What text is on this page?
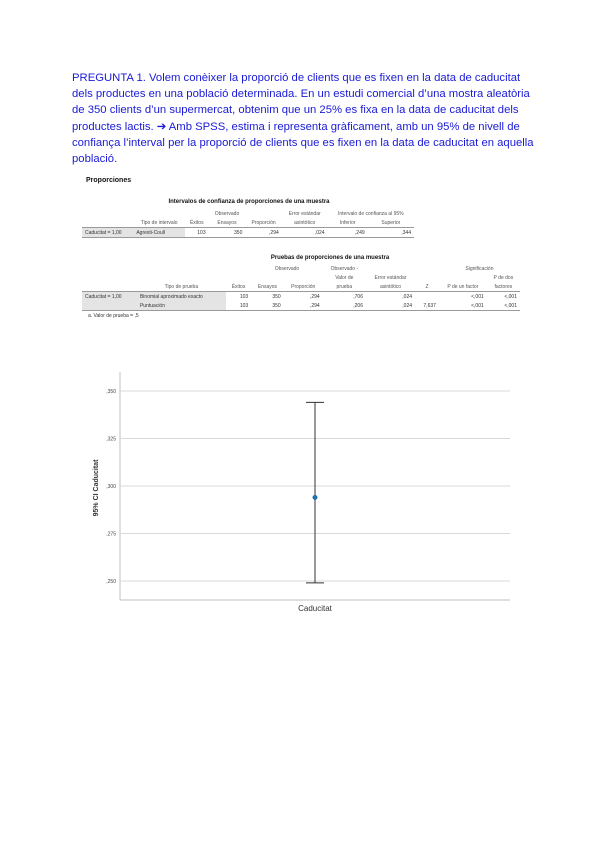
PREGUNTA 1. Volem conèixer la proporció de clients que es fixen en la data de caducitat dels productes en una població determinada. En un estudi comercial d’una mostra aleatòria de 350 clients d’un supermercat, obtenim que un 25% es fixa en la data de caducitat dels productes lactis. ➔ Amb SPSS, estima i representa gràficament, amb un 95% de nivell de confiança l’interval per la proporció de clients que es fixen en la data de caducitat en aquella població.
Proporciones
Intervalos de confianza de proporciones de una muestra
			Observado		Error estándar	Intervalo de confianza al 95%	
	Tipo de intervalo	Éxitos	Ensayos	Proporción	asintótico	Inferior	Superior
Caducitat = 1,00	Agresti-Coull	103	350	,294	,024	,249	,344
Pruebas de proporciones de una muestra
			Observado		Observado -			Significación	
					Valor de	Error estándar			P de dos
	Tipo de prueba	Éxitos	Ensayos	Proporción	prueba	asintótico	Z	P de un factor	factores
Caducitat = 1,00	Binomial aproximado exacto	103	350	,294	,706	,024		<,001	<,001
	Puntuación	103	350	,294	,206	,024	7,637	<,001	<,001
a. Valor de prueba = ,5
,250
,275
,300
,325
,350
Caducitat
95% CI Caducitat
